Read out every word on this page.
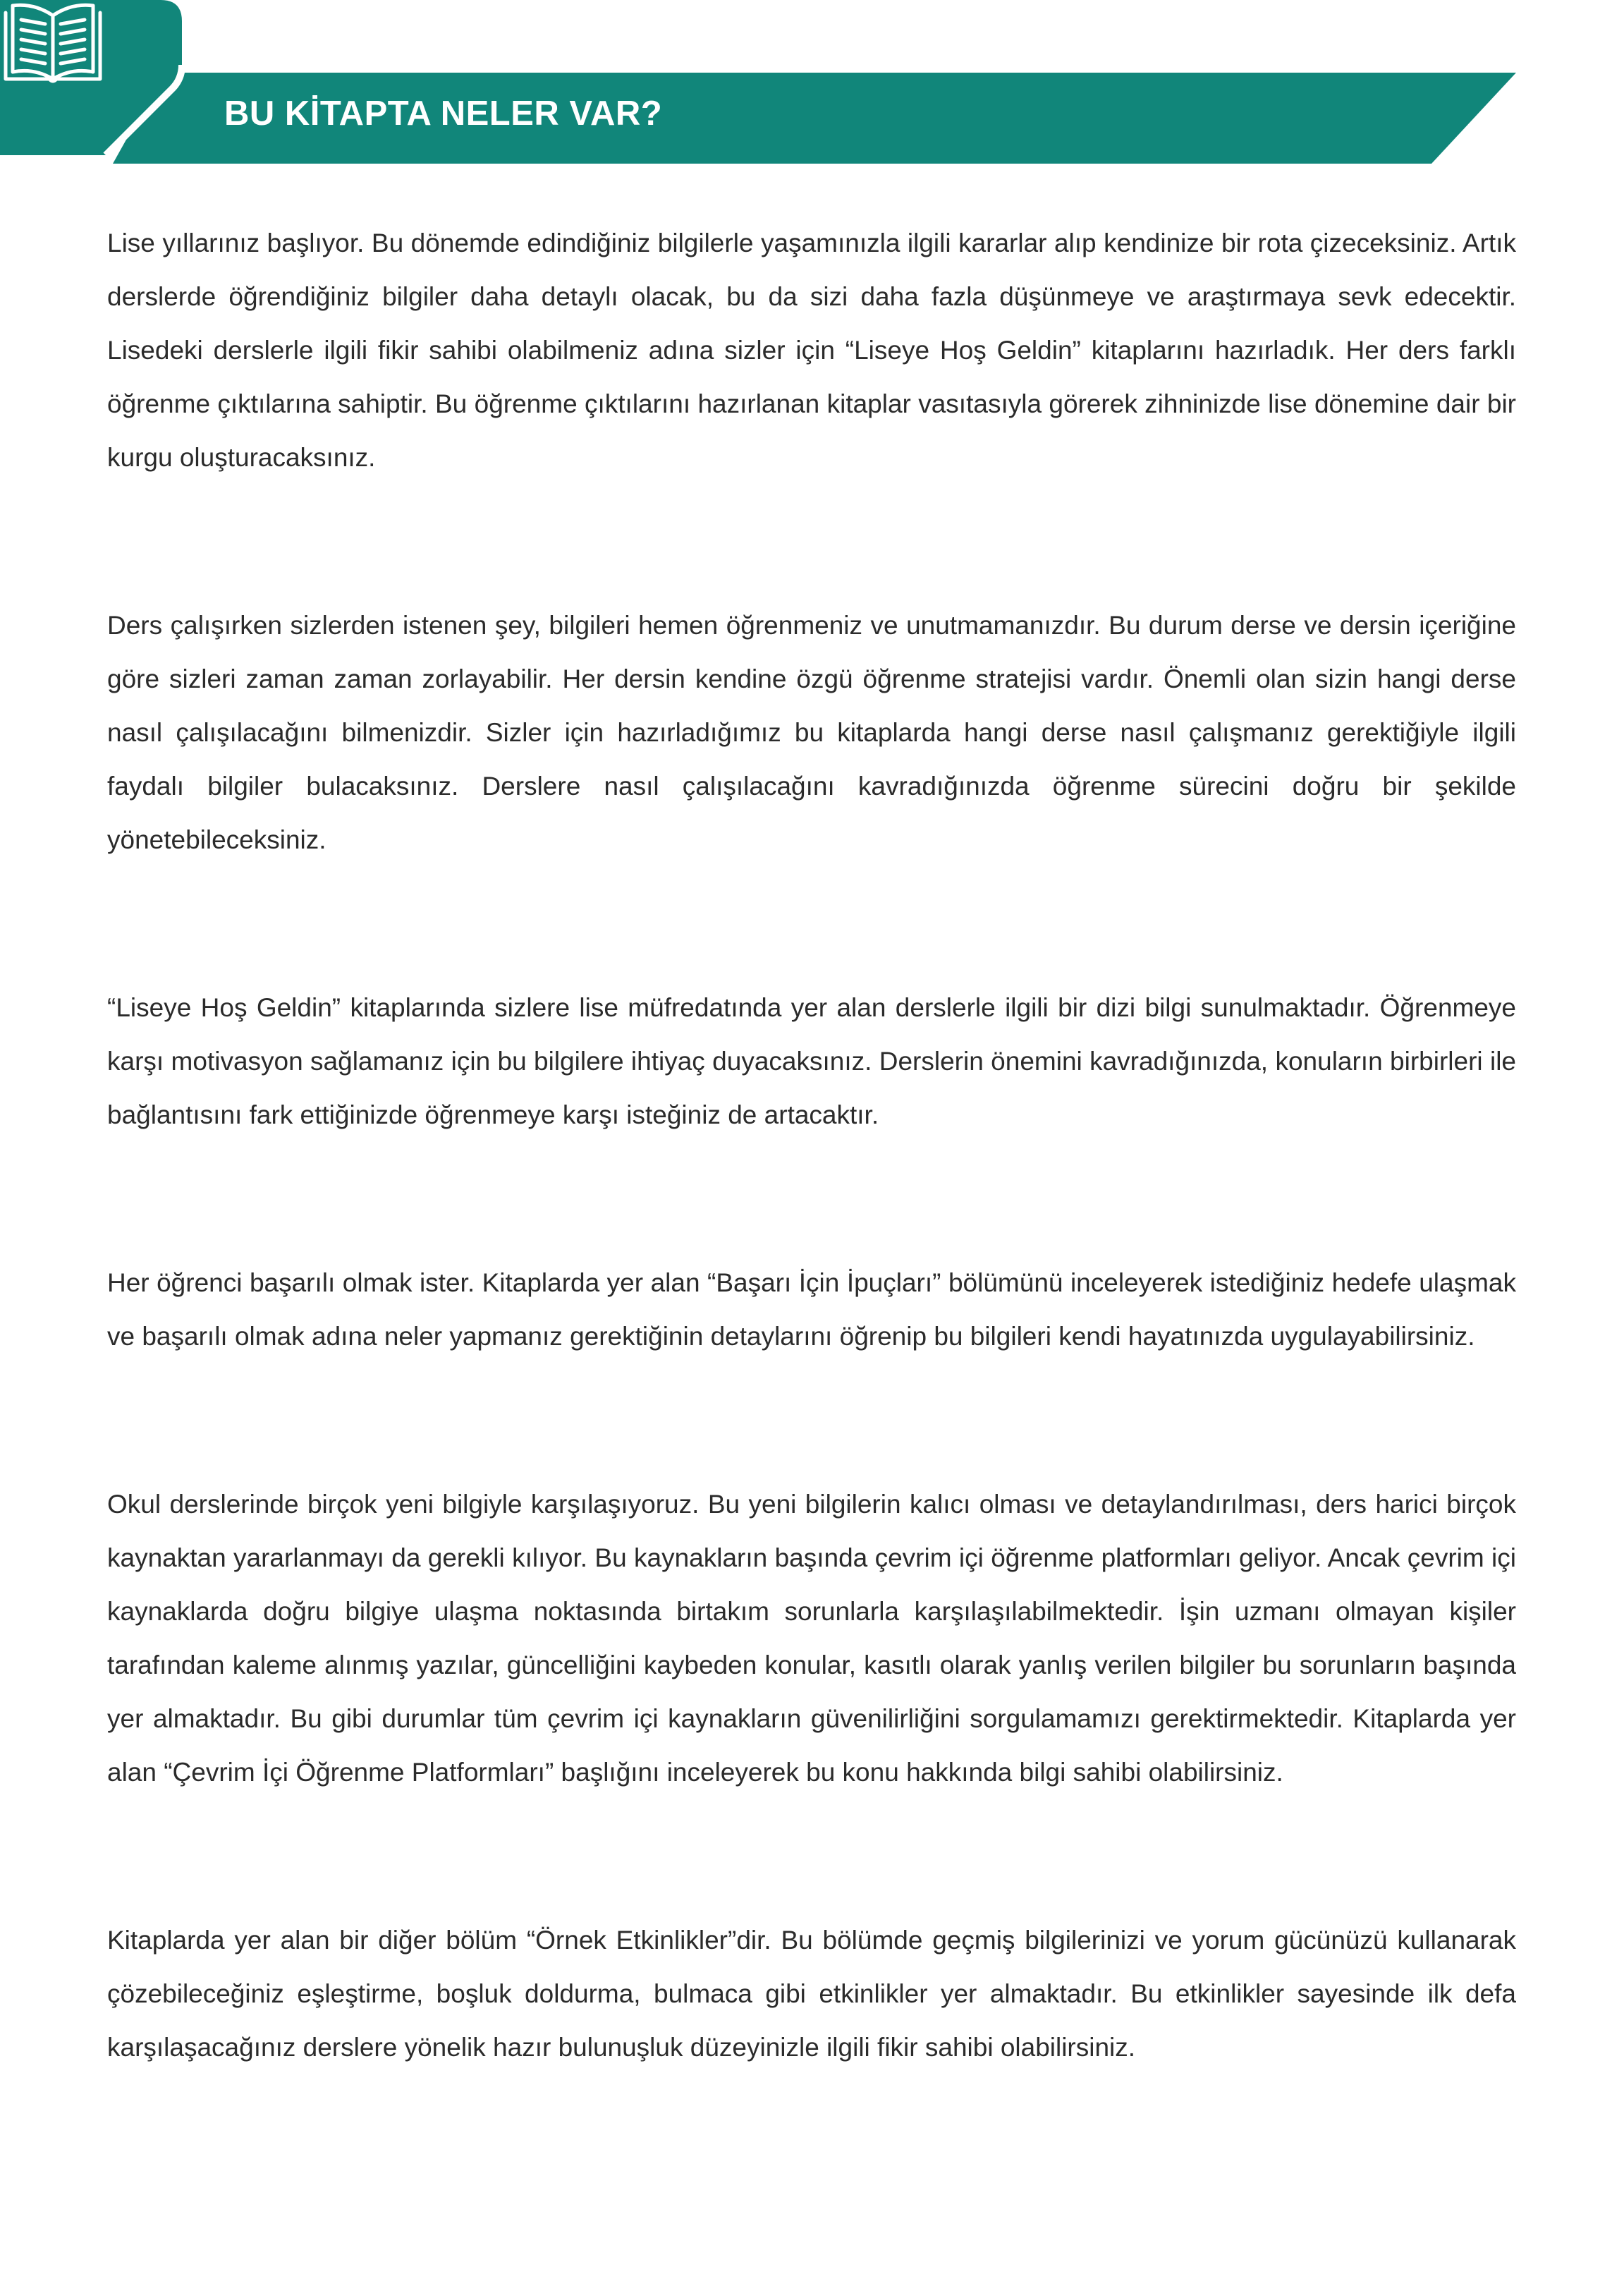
BU KİTAPTA NELER VAR?

Lise yıllarınız başlıyor. Bu dönemde edindiğiniz bilgilerle yaşamınızla ilgili kararlar alıp kendinize bir rota çizeceksiniz. Artık derslerde öğrendiğiniz bilgiler daha detaylı olacak, bu da sizi daha fazla düşünmeye ve araştırmaya sevk edecektir. Lisedeki derslerle ilgili fikir sahibi olabilmeniz adına sizler için “Liseye Hoş Geldin” kitaplarını hazırladık. Her ders farklı öğrenme çıktılarına sahiptir. Bu öğrenme çıktılarını hazırlanan kitaplar vasıtasıyla görerek zihninizde lise dönemine dair bir kurgu oluşturacaksınız.

Ders çalışırken sizlerden istenen şey, bilgileri hemen öğrenmeniz ve unutmamanızdır. Bu durum derse ve dersin içeriğine göre sizleri zaman zaman zorlayabilir. Her dersin kendine özgü öğrenme stratejisi vardır. Önemli olan sizin hangi derse nasıl çalışılacağını bilmenizdir. Sizler için hazırladığımız bu kitaplarda hangi derse nasıl çalışmanız gerektiğiyle ilgili faydalı bilgiler bulacaksınız. Derslere nasıl çalışılacağını kavradığınızda öğrenme sürecini doğru bir şekilde yönetebileceksiniz.

“Liseye Hoş Geldin” kitaplarında sizlere lise müfredatında yer alan derslerle ilgili bir dizi bilgi sunulmaktadır. Öğrenmeye karşı motivasyon sağlamanız için bu bilgilere ihtiyaç duyacaksınız. Derslerin önemini kavradığınızda, konuların birbirleri ile bağlantısını fark ettiğinizde öğrenmeye karşı isteğiniz de artacaktır.

Her öğrenci başarılı olmak ister. Kitaplarda yer alan “Başarı İçin İpuçları” bölümünü inceleyerek istediğiniz hedefe ulaşmak ve başarılı olmak adına neler yapmanız gerektiğinin detaylarını öğrenip bu bilgileri kendi hayatınızda uygulayabilirsiniz.

Okul derslerinde birçok yeni bilgiyle karşılaşıyoruz. Bu yeni bilgilerin kalıcı olması ve detaylandırılması, ders harici birçok kaynaktan yararlanmayı da gerekli kılıyor. Bu kaynakların başında çevrim içi öğrenme platformları geliyor. Ancak çevrim içi kaynaklarda doğru bilgiye ulaşma noktasında birtakım sorunlarla karşılaşılabilmektedir. İşin uzmanı olmayan kişiler tarafından kaleme alınmış yazılar, güncelliğini kaybeden konular, kasıtlı olarak yanlış verilen bilgiler bu sorunların başında yer almaktadır. Bu gibi durumlar tüm çevrim içi kaynakların güvenilirliğini sorgulamamızı gerektirmektedir. Kitaplarda yer alan “Çevrim İçi Öğrenme Platformları” başlığını inceleyerek bu konu hakkında bilgi sahibi olabilirsiniz.

Kitaplarda yer alan bir diğer bölüm “Örnek Etkinlikler”dir. Bu bölümde geçmiş bilgilerinizi ve yorum gücünüzü kullanarak çözebileceğiniz eşleştirme, boşluk doldurma, bulmaca gibi etkinlikler yer almaktadır. Bu etkinlikler sayesinde ilk defa karşılaşacağınız derslere yönelik hazır bulunuşluk düzeyinizle ilgili fikir sahibi olabilirsiniz.
